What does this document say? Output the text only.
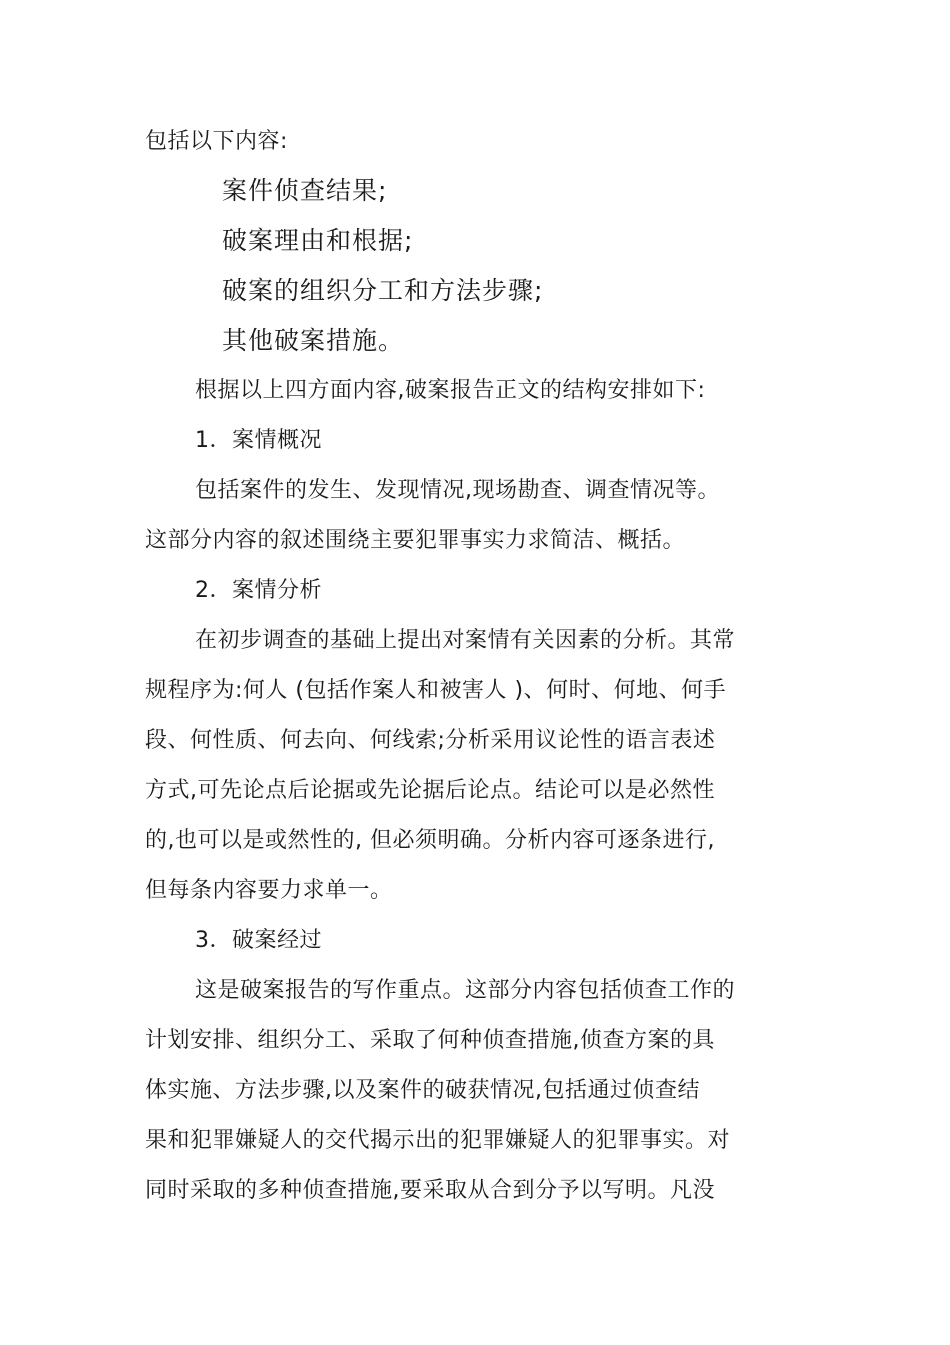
包括以下内容:
案件侦查结果;
破案理由和根据;
破案的组织分工和方法步骤;
其他破案措施。
根据以上四方面内容,破案报告正文的结构安排如下:
1．案情概况
包括案件的发生、发现情况,现场勘查、调查情况等。
这部分内容的叙述围绕主要犯罪事实力求简洁、概括。
2．案情分析
在初步调查的基础上提出对案情有关因素的分析。其常
规程序为:何人 (包括作案人和被害人 )、何时、何地、何手
段、何性质、何去向、何线索;分析采用议论性的语言表述
方式,可先论点后论据或先论据后论点。结论可以是必然性
的,也可以是或然性的, 但必须明确。分析内容可逐条进行,
但每条内容要力求单一。
3．破案经过
这是破案报告的写作重点。这部分内容包括侦查工作的
计划安排、组织分工、采取了何种侦查措施,侦查方案的具
体实施、方法步骤,以及案件的破获情况,包括通过侦查结
果和犯罪嫌疑人的交代揭示出的犯罪嫌疑人的犯罪事实。对
同时采取的多种侦查措施,要采取从合到分予以写明。凡没
